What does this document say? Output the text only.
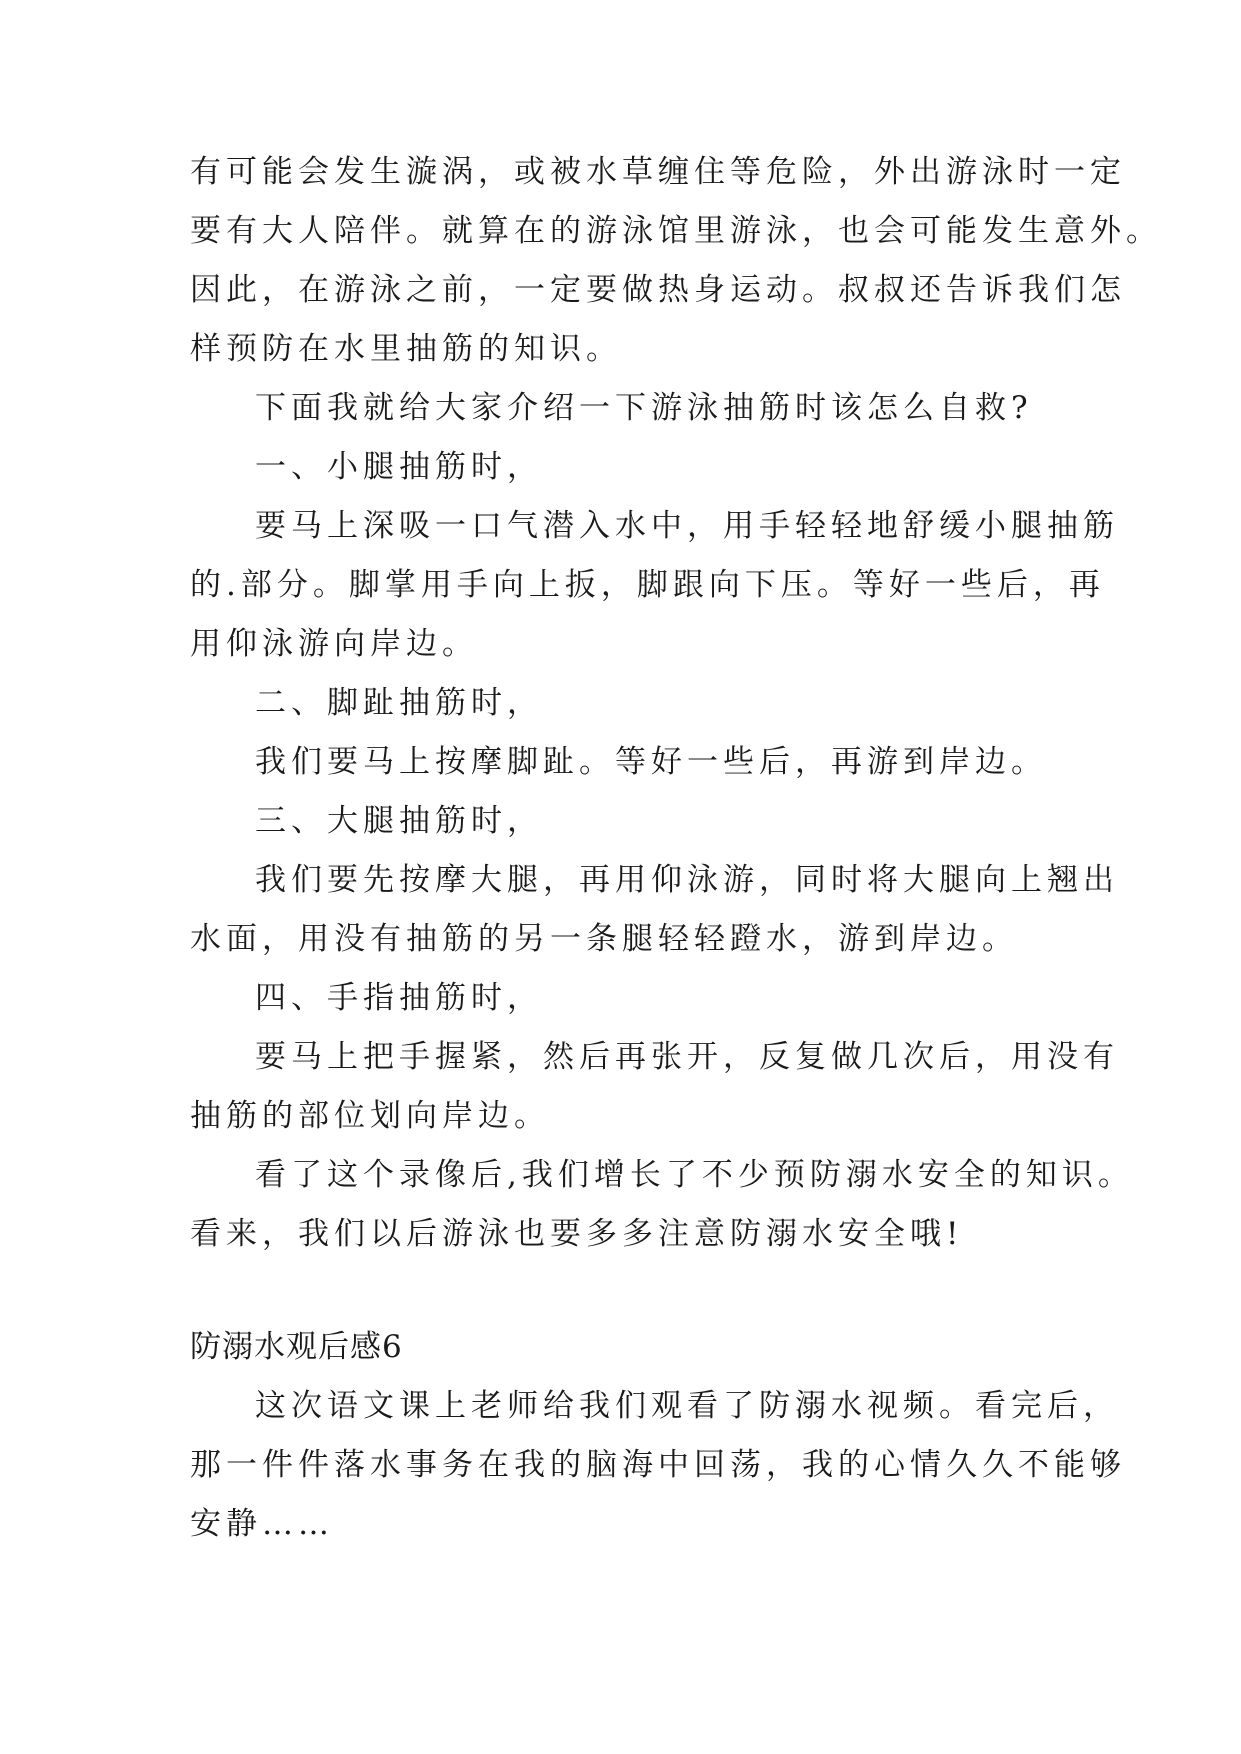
有可能会发生漩涡，或被水草缠住等危险，外出游泳时一定

要有大人陪伴。就算在的游泳馆里游泳，也会可能发生意外。

因此，在游泳之前，一定要做热身运动。叔叔还告诉我们怎

样预防在水里抽筋的知识。

下面我就给大家介绍一下游泳抽筋时该怎么自救?

一、小腿抽筋时，

要马上深吸一口气潜入水中，用手轻轻地舒缓小腿抽筋

的.部分。脚掌用手向上扳，脚跟向下压。等好一些后，再

用仰泳游向岸边。

二、脚趾抽筋时，

我们要马上按摩脚趾。等好一些后，再游到岸边。

三、大腿抽筋时，

我们要先按摩大腿，再用仰泳游，同时将大腿向上翘出

水面，用没有抽筋的另一条腿轻轻蹬水，游到岸边。

四、手指抽筋时，

要马上把手握紧，然后再张开，反复做几次后，用没有

抽筋的部位划向岸边。

看了这个录像后,我们增长了不少预防溺水安全的知识。

看来，我们以后游泳也要多多注意防溺水安全哦!

防溺水观后感6

这次语文课上老师给我们观看了防溺水视频。看完后，

那一件件落水事务在我的脑海中回荡，我的心情久久不能够

安静……
